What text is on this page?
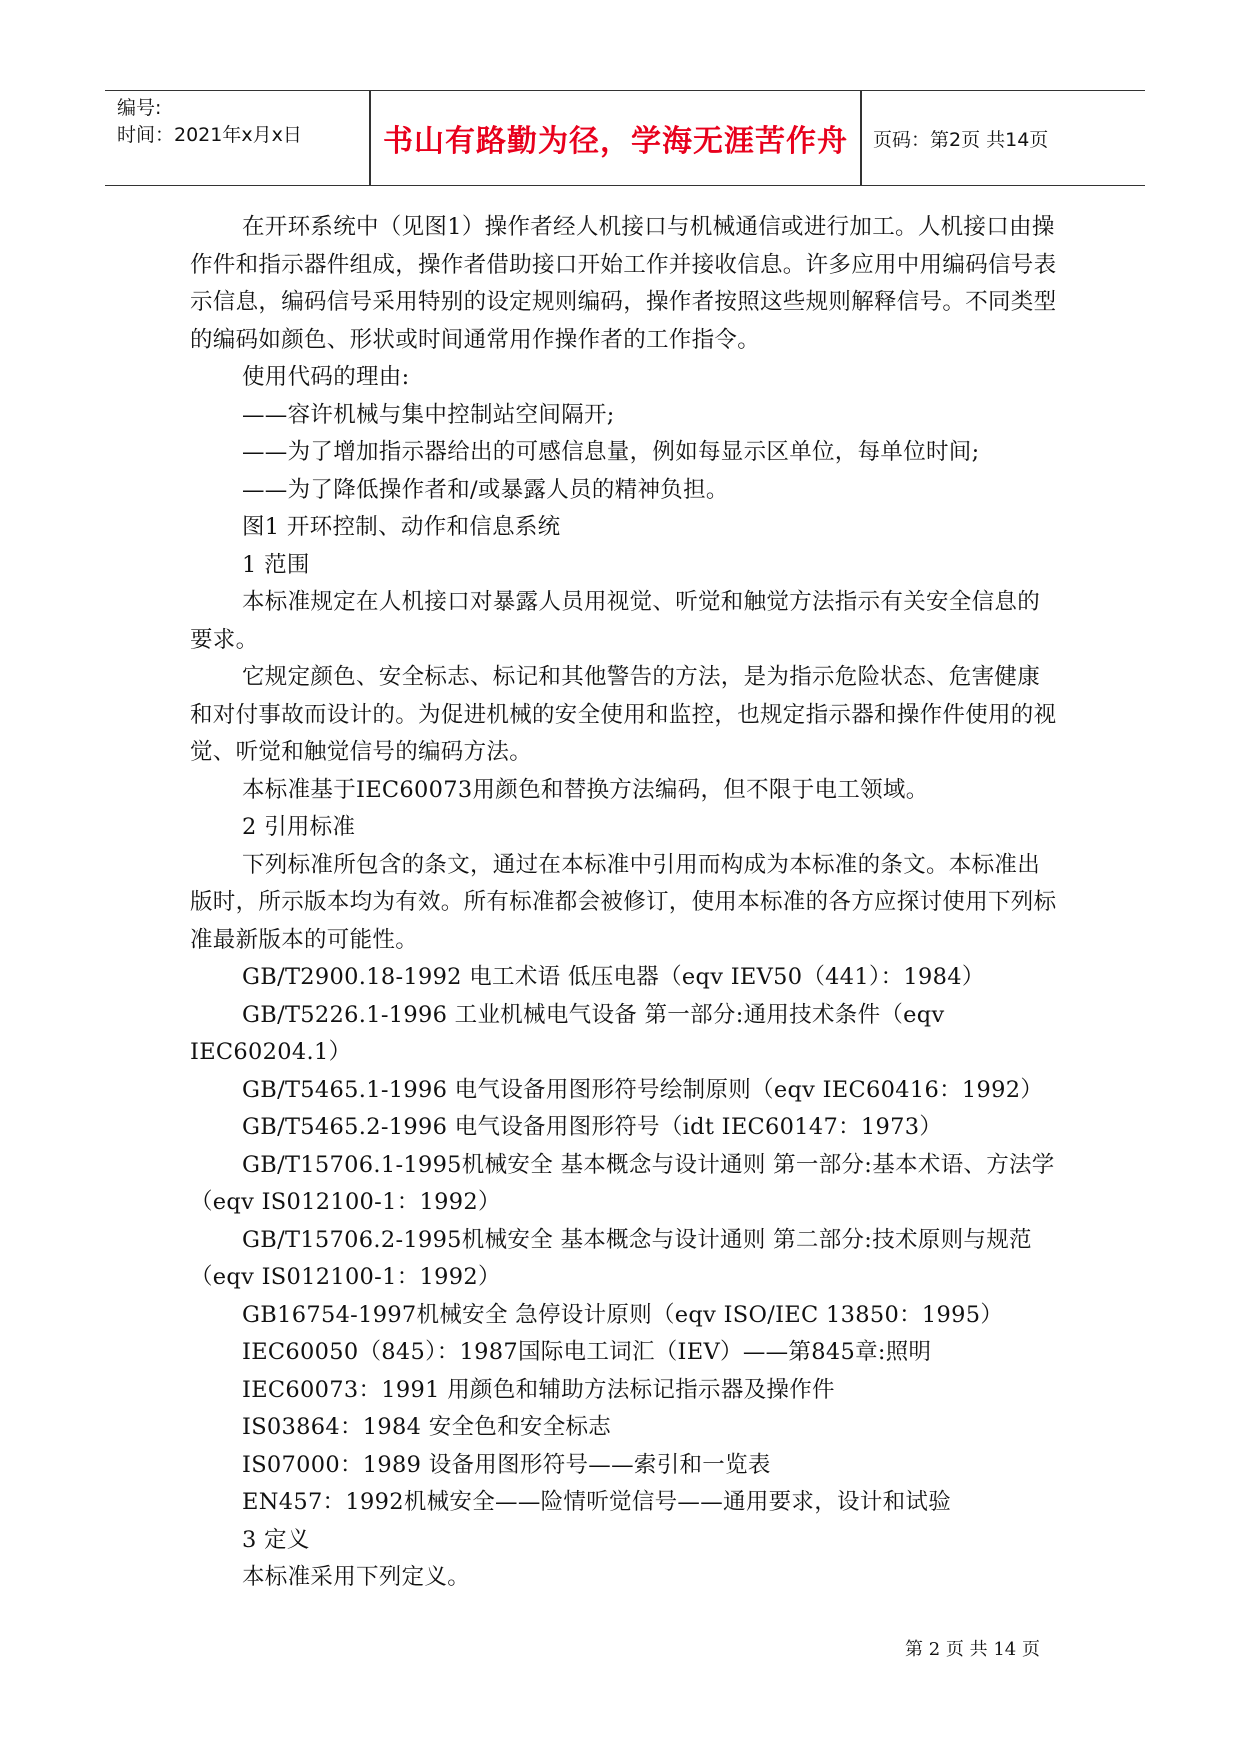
编号:
时间：2021年x月x日	书山有路勤为径，学海无涯苦作舟	页码：第2页 共14页

在开环系统中（见图1）操作者经人机接口与机械通信或进行加工。人机接口由操作件和指示器件组成，操作者借助接口开始工作并接收信息。许多应用中用编码信号表示信息，编码信号采用特别的设定规则编码，操作者按照这些规则解释信号。不同类型的编码如颜色、形状或时间通常用作操作者的工作指令。

使用代码的理由:

——容许机械与集中控制站空间隔开;

——为了增加指示器给出的可感信息量，例如每显示区单位，每单位时间;

——为了降低操作者和/或暴露人员的精神负担。

图1 开环控制、动作和信息系统

1 范围

本标准规定在人机接口对暴露人员用视觉、听觉和触觉方法指示有关安全信息的要求。

它规定颜色、安全标志、标记和其他警告的方法，是为指示危险状态、危害健康和对付事故而设计的。为促进机械的安全使用和监控，也规定指示器和操作件使用的视觉、听觉和触觉信号的编码方法。

本标准基于IEC60073用颜色和替换方法编码，但不限于电工领域。

2 引用标准

下列标准所包含的条文，通过在本标准中引用而构成为本标准的条文。本标准出版时，所示版本均为有效。所有标准都会被修订，使用本标准的各方应探讨使用下列标准最新版本的可能性。

GB/T2900.18-1992 电工术语 低压电器（eqv IEV50（441）：1984）

GB/T5226.1-1996 工业机械电气设备 第一部分:通用技术条件（eqv IEC60204.1）

GB/T5465.1-1996 电气设备用图形符号绘制原则（eqv IEC60416：1992）

GB/T5465.2-1996 电气设备用图形符号（idt IEC60147：1973）

GB/T15706.1-1995机械安全 基本概念与设计通则 第一部分:基本术语、方法学（eqv IS012100-1：1992）

GB/T15706.2-1995机械安全 基本概念与设计通则 第二部分:技术原则与规范（eqv IS012100-1：1992）

GB16754-1997机械安全 急停设计原则（eqv ISO/IEC 13850：1995）

IEC60050（845）：1987国际电工词汇（IEV）——第845章:照明

IEC60073：1991 用颜色和辅助方法标记指示器及操作件

IS03864：1984 安全色和安全标志

IS07000：1989 设备用图形符号——索引和一览表

EN457：1992机械安全——险情听觉信号——通用要求，设计和试验

3 定义

本标准采用下列定义。

第 2 页 共 14 页
